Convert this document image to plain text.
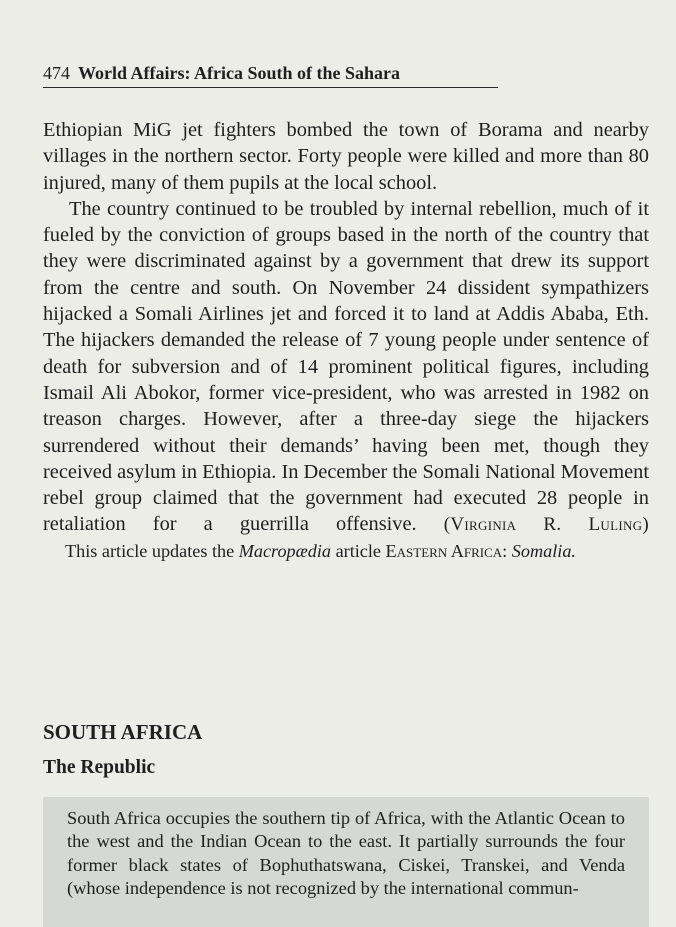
474 World Affairs: Africa South of the Sahara

Ethiopian MiG jet fighters bombed the town of Borama and nearby villages in the northern sector. Forty people were killed and more than 80 injured, many of them pupils at the local school.

The country continued to be troubled by internal rebellion, much of it fueled by the conviction of groups based in the north of the country that they were discriminated against by a government that drew its support from the centre and south. On November 24 dissident sympathizers hijacked a Somali Airlines jet and forced it to land at Addis Ababa, Eth. The hijackers demanded the release of 7 young people under sentence of death for subversion and of 14 prominent political figures, including Ismail Ali Abokor, former vice-president, who was arrested in 1982 on treason charges. However, after a three-day siege the hijackers surrendered without their demands’ having been met, though they received asylum in Ethiopia. In December the Somali National Movement rebel group claimed that the government had executed 28 people in retaliation for a guerrilla offensive. (Virginia R. Luling)

This article updates the Macropædia article Eastern Africa: Somalia.

SOUTH AFRICA
The Republic

South Africa occupies the southern tip of Africa, with the Atlantic Ocean to the west and the Indian Ocean to the east. It partially surrounds the four former black states of Bophuthatswana, Ciskei, Transkei, and Venda (whose independence is not recognized by the international commun-
